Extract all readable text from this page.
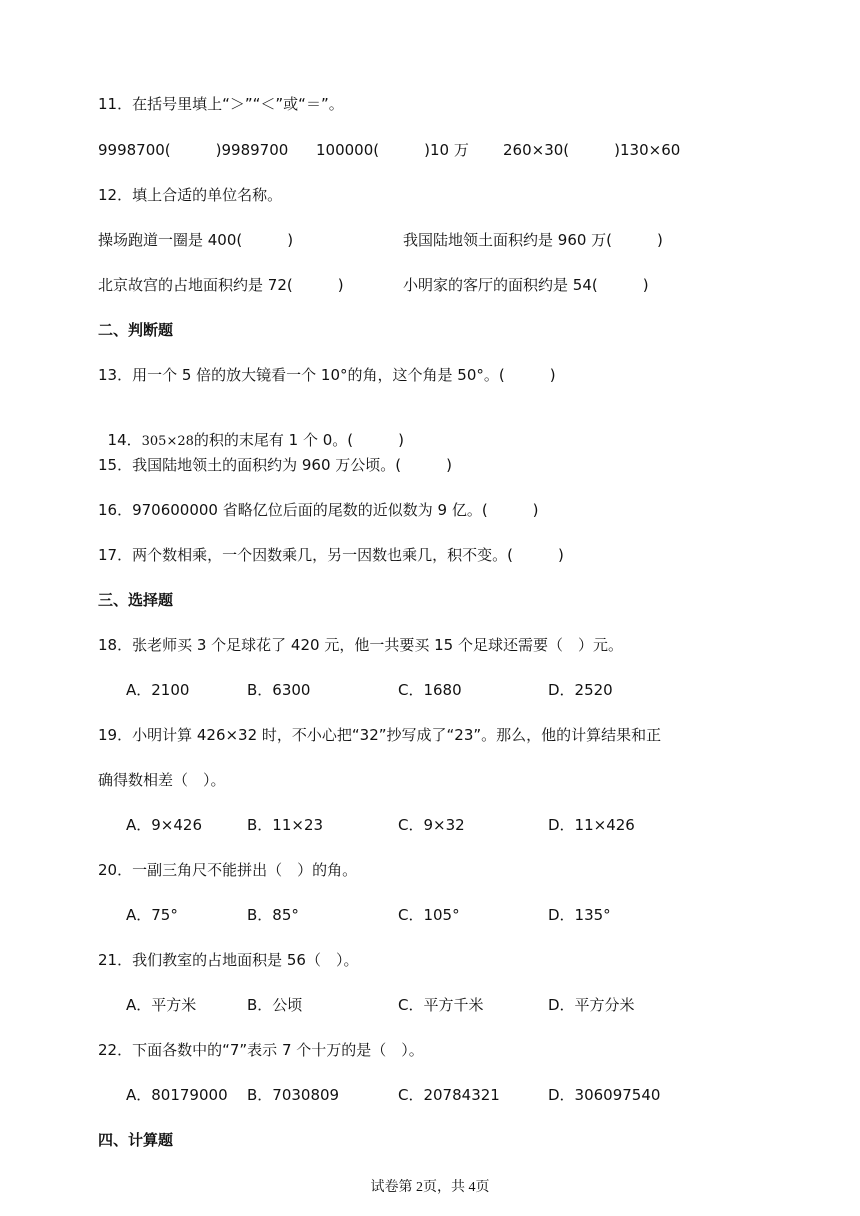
11．在括号里填上“＞”“＜”或“＝”。
9998700(　　　)9989700 100000(　　　)10 万 260×30(　　　)130×60
12．填上合适的单位名称。
操场跑道一圈是 400(　　　)	我国陆地领土面积约是 960 万(　　　)
北京故宫的占地面积约是 72(　　　)	小明家的客厅的面积约是 54(　　　)
二、判断题
13．用一个 5 倍的放大镜看一个 10°的角，这个角是 50°。(　　　)

14．305×28的积的末尾有 1 个 0。(　　　)

15．我国陆地领土的面积约为 960 万公顷。(　　　)
16．970600000 省略亿位后面的尾数的近似数为 9 亿。(　　　)
17．两个数相乘，一个因数乘几，另一因数也乘几，积不变。(　　　)
三、选择题
18．张老师买 3 个足球花了 420 元，他一共要买 15 个足球还需要（　）元。
A．2100	B．6300	C．1680	D．2520
19．小明计算 426×32 时，不小心把“32”抄写成了“23”。那么，他的计算结果和正
确得数相差（　）。
A．9×426	B．11×23	C．9×32	D．11×426
20．一副三角尺不能拼出（　）的角。
A．75°	B．85°	C．105°	D．135°
21．我们教室的占地面积是 56（　）。
A．平方米	B．公顷	C．平方千米	D．平方分米
22．下面各数中的“7”表示 7 个十万的是（　）。
A．80179000 B．7030809	C．20784321	D．306097540
四、计算题
试卷第 2页，共 4页
